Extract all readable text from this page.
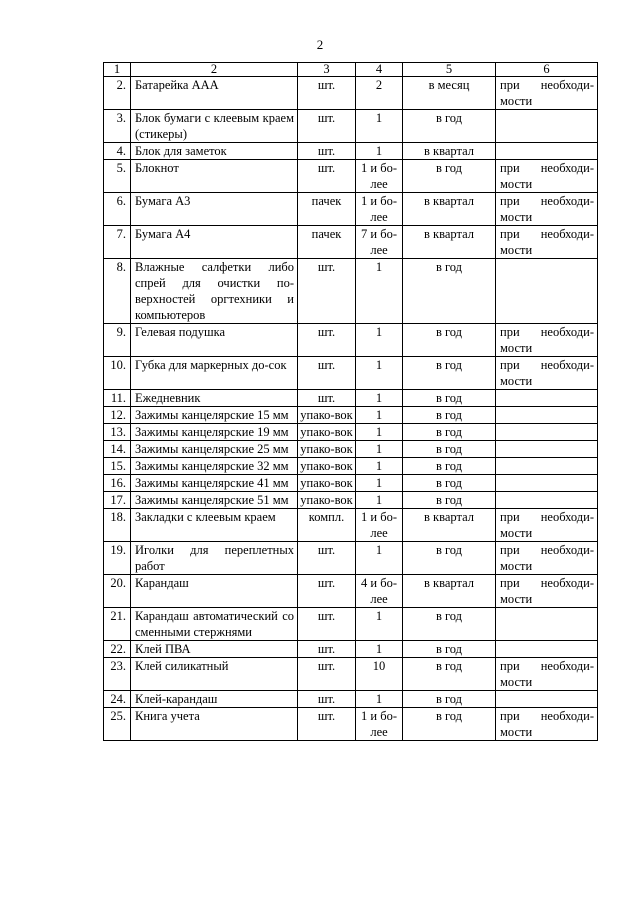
2
1	2	3	4	5	6
2.	Батарейка ААА	шт.	2	в месяц	при необходи-мости
3.	Блок бумаги с клеевым краем (стикеры)	шт.	1	в год	
4.	Блок для заметок	шт.	1	в квартал	
5.	Блокнот	шт.	1 и бо-лее	в год	при необходи-мости
6.	Бумага А3	пачек	1 и бо-лее	в квартал	при необходи-мости
7.	Бумага А4	пачек	7 и бо-лее	в квартал	при необходи-мости
8.	Влажные салфетки либо спрей для очистки по-верхностей оргтехники и компьютеров	шт.	1	в год	
9.	Гелевая подушка	шт.	1	в год	при необходи-мости
10.	Губка для маркерных до-сок	шт.	1	в год	при необходи-мости
11.	Ежедневник	шт.	1	в год	
12.	Зажимы канцелярские 15 мм	упако-вок	1	в год	
13.	Зажимы канцелярские 19 мм	упако-вок	1	в год	
14.	Зажимы канцелярские 25 мм	упако-вок	1	в год	
15.	Зажимы канцелярские 32 мм	упако-вок	1	в год	
16.	Зажимы канцелярские 41 мм	упако-вок	1	в год	
17.	Зажимы канцелярские 51 мм	упако-вок	1	в год	
18.	Закладки с клеевым краем	компл.	1 и бо-лее	в квартал	при необходи-мости
19.	Иголки для переплетных работ	шт.	1	в год	при необходи-мости
20.	Карандаш	шт.	4 и бо-лее	в квартал	при необходи-мости
21.	Карандаш автоматический со сменными стержнями	шт.	1	в год	
22.	Клей ПВА	шт.	1	в год	
23.	Клей силикатный	шт.	10	в год	при необходи-мости
24.	Клей-карандаш	шт.	1	в год	
25.	Книга учета	шт.	1 и бо-лее	в год	при необходи-мости
